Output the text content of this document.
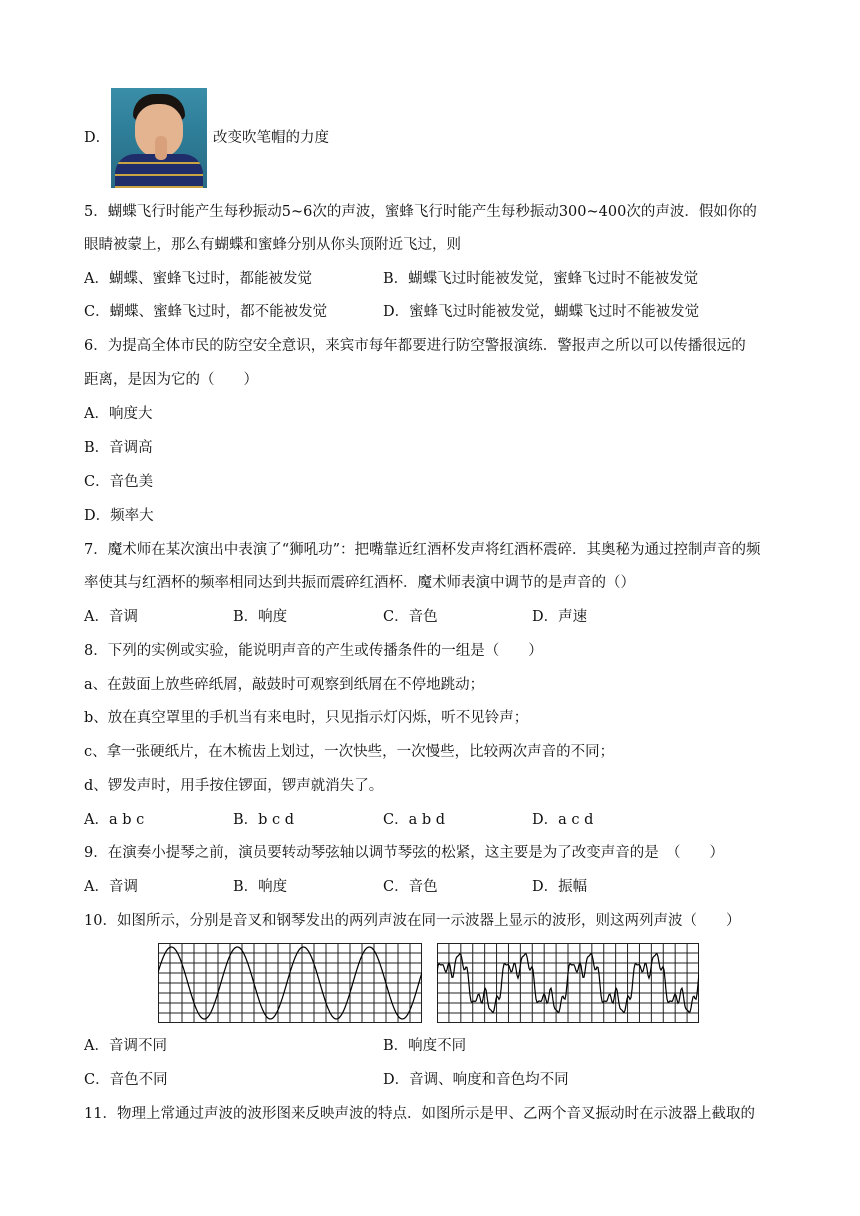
D．	改变吹笔帽的力度
5．蝴蝶飞行时能产生每秒振动5~6次的声波，蜜蜂飞行时能产生每秒振动300~400次的声波．假如你的
眼睛被蒙上，那么有蝴蝶和蜜蜂分别从你头顶附近飞过，则
A．蝴蝶、蜜蜂飞过时，都能被发觉	B．蝴蝶飞过时能被发觉，蜜蜂飞过时不能被发觉
C．蝴蝶、蜜蜂飞过时，都不能被发觉	D．蜜蜂飞过时能被发觉，蝴蝶飞过时不能被发觉
6．为提高全体市民的防空安全意识，来宾市每年都要进行防空警报演练．警报声之所以可以传播很远的
距离，是因为它的（　　）
A．响度大
B．音调高
C．音色美
D．频率大
7．魔术师在某次演出中表演了“狮吼功”：把嘴靠近红酒杯发声将红酒杯震碎．其奥秘为通过控制声音的频
率使其与红酒杯的频率相同达到共振而震碎红酒杯．魔术师表演中调节的是声音的（）
A．音调	B．响度	C．音色	D．声速
8．下列的实例或实验，能说明声音的产生或传播条件的一组是（　　）
a、在鼓面上放些碎纸屑，敲鼓时可观察到纸屑在不停地跳动；
b、放在真空罩里的手机当有来电时，只见指示灯闪烁，听不见铃声；
c、拿一张硬纸片，在木梳齿上划过，一次快些，一次慢些，比较两次声音的不同；
d、锣发声时，用手按住锣面，锣声就消失了。
A．a b c	B．b c d	C．a b d	D．a c d
9．在演奏小提琴之前，演员要转动琴弦轴以调节琴弦的松紧，这主要是为了改变声音的是　（　　）
A．音调	B．响度	C．音色	D．振幅
10．如图所示，分别是音叉和钢琴发出的两列声波在同一示波器上显示的波形，则这两列声波（　　）
A．音调不同	B．响度不同
C．音色不同	D．音调、响度和音色均不同
11．物理上常通过声波的波形图来反映声波的特点．如图所示是甲、乙两个音叉振动时在示波器上截取的
